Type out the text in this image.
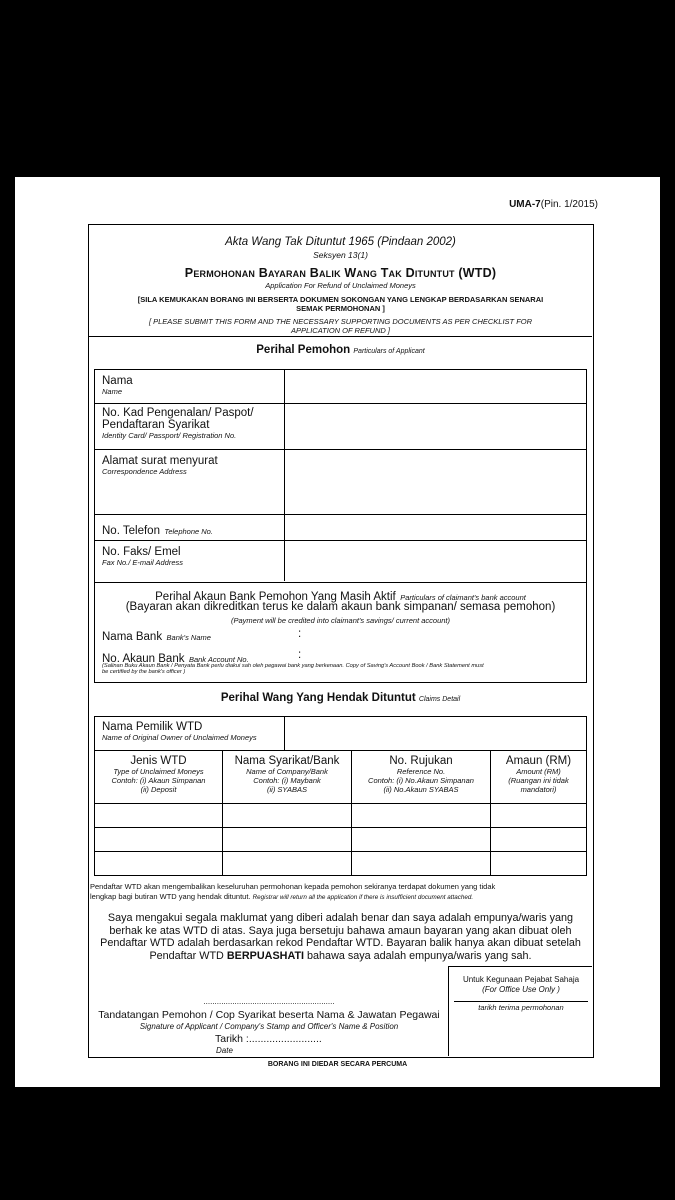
UMA-7(Pin. 1/2015)
Akta Wang Tak Dituntut 1965 (Pindaan 2002)
Seksyen 13(1)
Permohonan Bayaran Balik Wang Tak Dituntut (WTD)
Application For Refund of Unclaimed Moneys
[SILA KEMUKAKAN BORANG INI BERSERTA DOKUMEN SOKONGAN YANG LENGKAP BERDASARKAN SENARAI
SEMAK PERMOHONAN ]
[ PLEASE SUBMIT THIS FORM AND THE NECESSARY SUPPORTING DOCUMENTS AS PER CHECKLIST FOR
APPLICATION OF REFUND ]
Perihal Pemohon Particulars of Applicant
Nama
Name
No. Kad Pengenalan/ Paspot/
Pendaftaran Syarikat
Identity Card/ Passport/ Registration No.
Alamat surat menyurat
Correspondence Address
No. Telefon Telephone No.
No. Faks/ Emel
Fax No./ E-mail Address
Perihal Akaun Bank Pemohon Yang Masih Aktif Particulars of claimant's bank account
(Bayaran akan dikreditkan terus ke dalam akaun bank simpanan/ semasa pemohon)
(Payment will be credited into claimant's savings/ current account)
Nama Bank Bank's Name	:
No. Akaun Bank Bank Account No.	:
(Salinan Buku Akaun Bank / Penyata Bank perlu diakui sah oleh pegawai bank yang berkenaan. Copy of Saving's Account Book / Bank Statement must
be certified by the bank's officer )
Perihal Wang Yang Hendak Dituntut Claims Detail
Nama Pemilik WTD
Name of Original Owner of Unclaimed Moneys
Jenis WTD
Type of Unclaimed Moneys
Contoh: (i) Akaun Simpanan
(ii) Deposit
Nama Syarikat/Bank
Name of Company/Bank
Contoh: (i) Maybank
(ii) SYABAS
No. Rujukan
Reference No.
Contoh: (i) No.Akaun Simpanan
(ii) No.Akaun SYABAS
Amaun (RM)
Amount (RM)
(Ruangan ini tidak
mandatori)
Pendaftar WTD akan mengembalikan keseluruhan permohonan kepada pemohon sekiranya terdapat dokumen yang tidak
lengkap bagi butiran WTD yang hendak dituntut. Registrar will return all the application if there is insufficient document attached.
Saya mengakui segala maklumat yang diberi adalah benar dan saya adalah empunya/waris yang
berhak ke atas WTD di atas. Saya juga bersetuju bahawa amaun bayaran yang akan dibuat oleh
Pendaftar WTD adalah berdasarkan rekod Pendaftar WTD. Bayaran balik hanya akan dibuat setelah
Pendaftar WTD BERPUASHATI bahawa saya adalah empunya/waris yang sah.
...........................................................
Tandatangan Pemohon / Cop Syarikat beserta Nama & Jawatan Pegawai
Signature of Applicant / Company's Stamp and Officer's Name & Position
Tarikh :.........................
Date
Untuk Kegunaan Pejabat Sahaja
(For Office Use Only )
tarikh terima permohonan
BORANG INI DIEDAR SECARA PERCUMA
